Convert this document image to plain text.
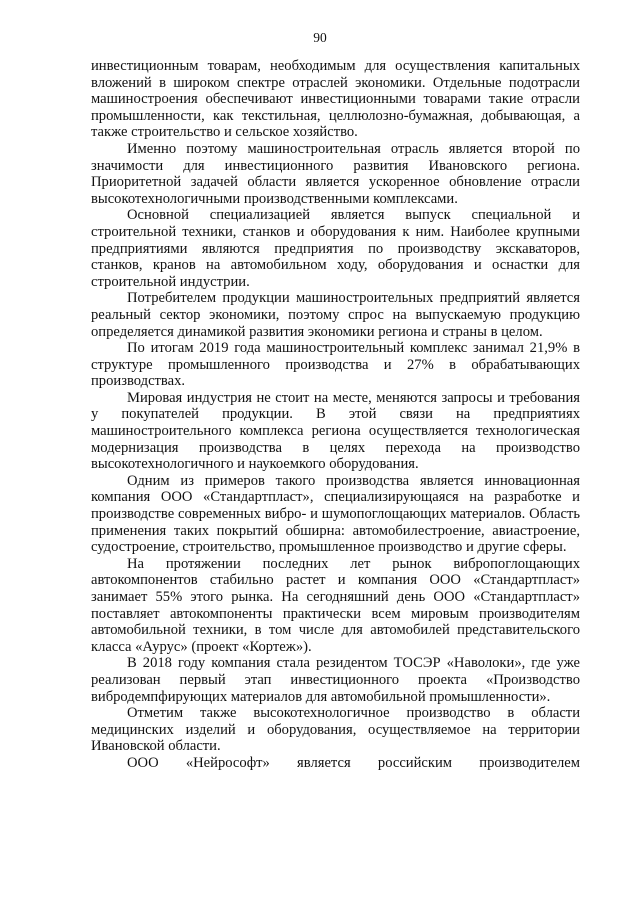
90

инвестиционным товарам, необходимым для осуществления капитальных вложений в широком спектре отраслей экономики. Отдельные подотрасли машиностроения обеспечивают инвестиционными товарами такие отрасли промышленности, как текстильная, целлюлозно-бумажная, добывающая, а также строительство и сельское хозяйство.

Именно поэтому машиностроительная отрасль является второй по значимости для инвестиционного развития Ивановского региона. Приоритетной задачей области является ускоренное обновление отрасли высокотехнологичными производственными комплексами.

Основной специализацией является выпуск специальной и строительной техники, станков и оборудования к ним. Наиболее крупными предприятиями являются предприятия по производству экскаваторов, станков, кранов на автомобильном ходу, оборудования и оснастки для строительной индустрии.

Потребителем продукции машиностроительных предприятий является реальный сектор экономики, поэтому спрос на выпускаемую продукцию определяется динамикой развития экономики региона и страны в целом.

По итогам 2019 года машиностроительный комплекс занимал 21,9% в структуре промышленного производства и 27% в обрабатывающих производствах.

Мировая индустрия не стоит на месте, меняются запросы и требования у покупателей продукции. В этой связи на предприятиях машиностроительного комплекса региона осуществляется технологическая модернизация производства в целях перехода на производство высокотехнологичного и наукоемкого оборудования.

Одним из примеров такого производства является инновационная компания ООО «Стандартпласт», специализирующаяся на разработке и производстве современных вибро- и шумопоглощающих материалов. Область применения таких покрытий обширна: автомобилестроение, авиастроение, судостроение, строительство, промышленное производство и другие сферы.

На протяжении последних лет рынок вибропоглощающих автокомпонентов стабильно растет и компания ООО «Стандартпласт» занимает 55% этого рынка. На сегодняшний день ООО «Стандартпласт» поставляет автокомпоненты практически всем мировым производителям автомобильной техники, в том числе для автомобилей представительского класса «Аурус» (проект «Кортеж»).

В 2018 году компания стала резидентом ТОСЭР «Наволоки», где уже реализован первый этап инвестиционного проекта «Производство вибродемпфирующих материалов для автомобильной промышленности».

Отметим также высокотехнологичное производство в области медицинских изделий и оборудования, осуществляемое на территории Ивановской области.

ООО «Нейрософт» является российским производителем
